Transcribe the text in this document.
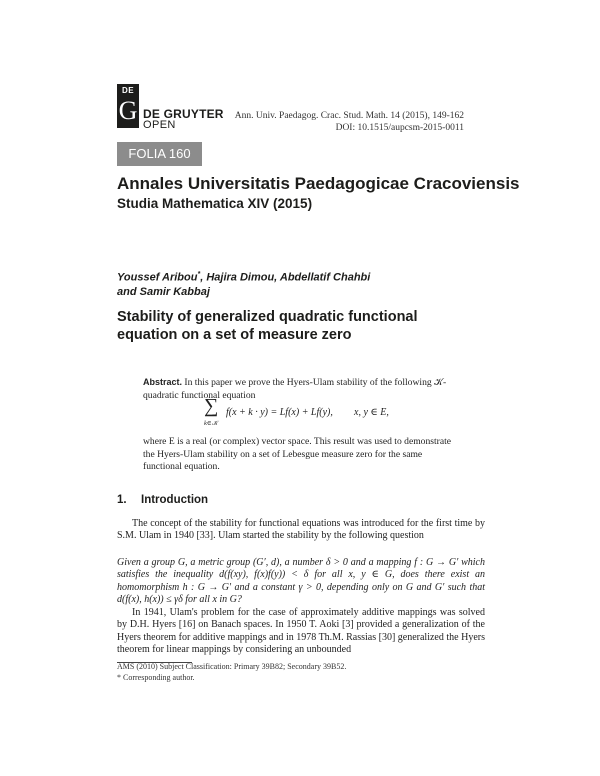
DE
G DE GRUYTER
OPEN
Ann. Univ. Paedagog. Crac. Stud. Math. 14 (2015), 149-162
DOI: 10.1515/aupcsm-2015-0011
FOLIA 160
Annales Universitatis Paedagogicae Cracoviensis
Studia Mathematica XIV (2015)
Youssef Aribou*, Hajira Dimou, Abdellatif Chahbi
and Samir Kabbaj
Stability of generalized quadratic functional
equation on a set of measure zero
Abstract. In this paper we prove the Hyers-Ulam stability of the following 𝒦-quadratic functional equation
∑
k∈𝒦
f(x + k · y) = Lf(x) + Lf(y), x, y ∈ E,
where E is a real (or complex) vector space. This result was used to demonstrate the Hyers-Ulam stability on a set of Lebesgue measure zero for the same functional equation.
1. Introduction
The concept of the stability for functional equations was introduced for the first time by S.M. Ulam in 1940 [33]. Ulam started the stability by the following question
Given a group G, a metric group (G′, d), a number δ > 0 and a mapping f : G → G′ which satisfies the inequality d(f(xy), f(x)f(y)) < δ for all x, y ∈ G, does there exist an homomorphism h : G → G′ and a constant γ > 0, depending only on G and G′ such that d(f(x), h(x)) ≤ γδ for all x in G?
In 1941, Ulam's problem for the case of approximately additive mappings was solved by D.H. Hyers [16] on Banach spaces. In 1950 T. Aoki [3] provided a generalization of the Hyers theorem for additive mappings and in 1978 Th.M. Rassias [30] generalized the Hyers theorem for linear mappings by considering an unbounded
AMS (2010) Subject Classification: Primary 39B82; Secondary 39B52.
* Corresponding author.
